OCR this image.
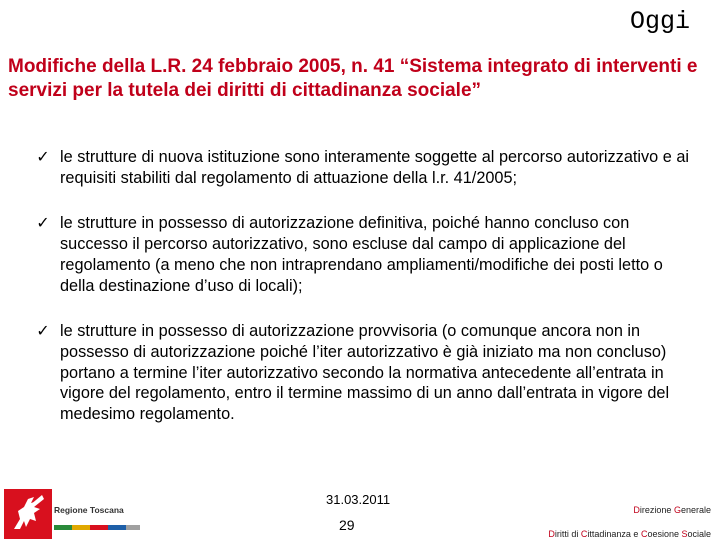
Oggi
Modifiche della L.R. 24 febbraio 2005, n. 41 “Sistema integrato di interventi e servizi per la tutela dei diritti di cittadinanza sociale”
✓ le strutture di nuova istituzione sono interamente soggette al percorso autorizzativo e ai requisiti stabiliti dal regolamento di attuazione della l.r. 41/2005;
✓ le strutture in possesso di autorizzazione definitiva, poiché hanno concluso con successo il percorso autorizzativo, sono escluse dal campo di applicazione del regolamento (a meno che non intraprendano ampliamenti/modifiche dei posti letto o della destinazione d’uso di locali);
✓ le strutture in possesso di autorizzazione provvisoria (o comunque ancora non in possesso di autorizzazione poiché l’iter autorizzativo è già iniziato ma non concluso) portano a termine l’iter autorizzativo secondo la normativa antecedente all’entrata in vigore del regolamento, entro il termine massimo di un anno dall’entrata in vigore del medesimo regolamento.
Regione Toscana
31.03.2011
29
Direzione Generale
Diritti di Cittadinanza e Coesione Sociale
